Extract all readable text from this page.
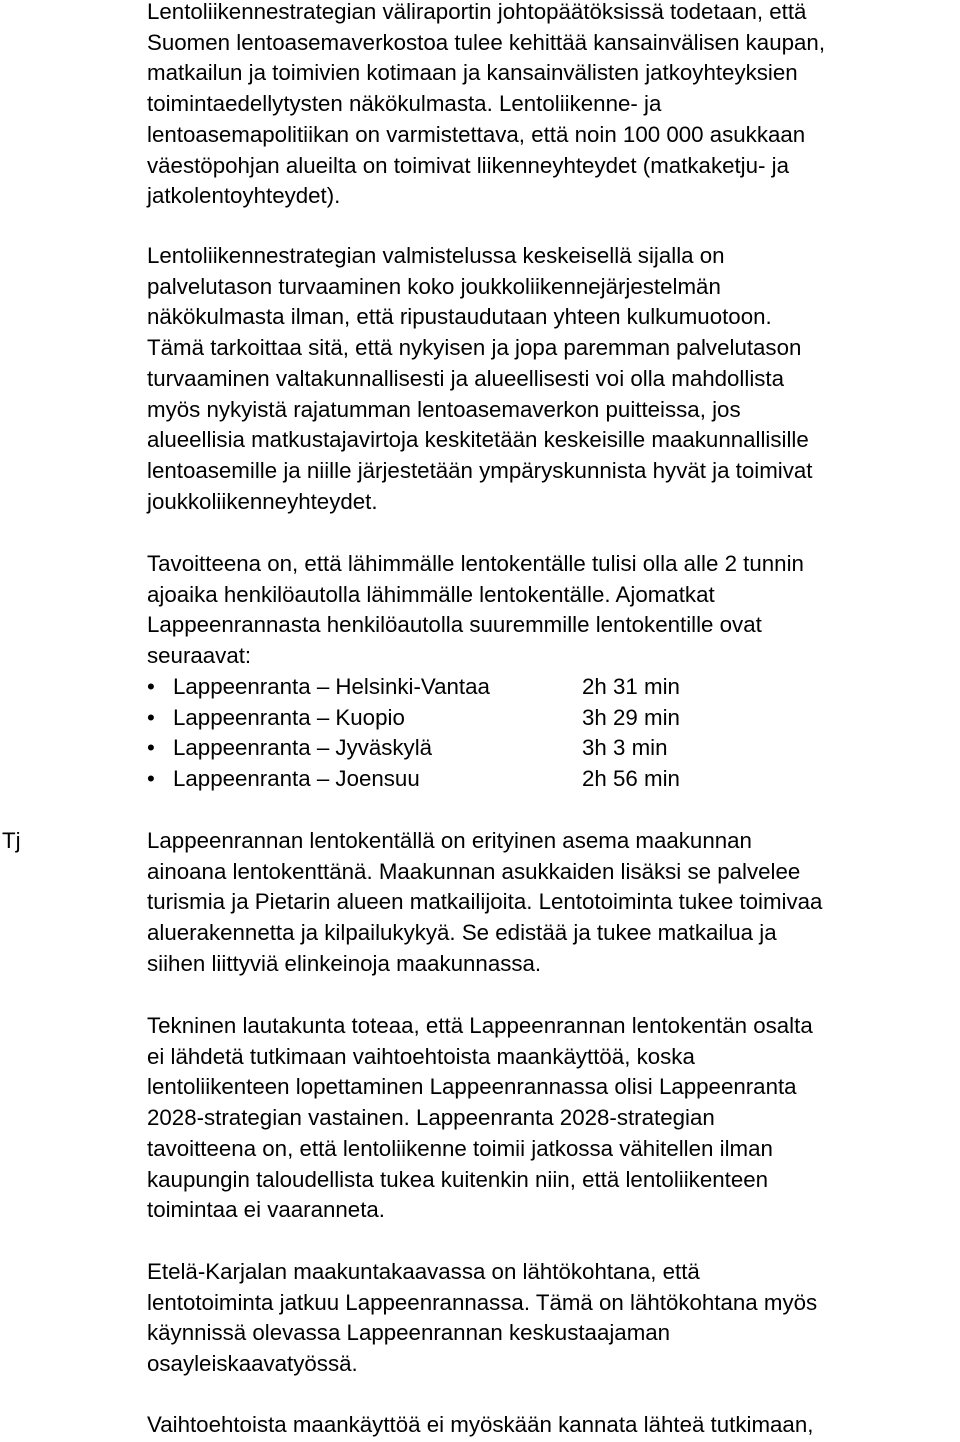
Tj

Lentoliikennestrategian väliraportin johtopäätöksissä todetaan, että
Suomen lentoasemaverkostoa tulee kehittää kansainvälisen kaupan,
matkailun ja toimivien kotimaan ja kansainvälisten jatkoyhteyksien
toimintaedellytysten näkökulmasta. Lentoliikenne- ja
lentoasemapolitiikan on varmistettava, että noin 100 000 asukkaan
väestöpohjan alueilta on toimivat liikenneyhteydet (matkaketju- ja
jatkolentoyhteydet).

Lentoliikennestrategian valmistelussa keskeisellä sijalla on
palvelutason turvaaminen koko joukkoliikennejärjestelmän
näkökulmasta ilman, että ripustaudutaan yhteen kulkumuotoon.
Tämä tarkoittaa sitä, että nykyisen ja jopa paremman palvelutason
turvaaminen valtakunnallisesti ja alueellisesti voi olla mahdollista
myös nykyistä rajatumman lentoasemaverkon puitteissa, jos
alueellisia matkustajavirtoja keskitetään keskeisille maakunnallisille
lentoasemille ja niille järjestetään ympäryskunnista hyvät ja toimivat
joukkoliikenneyhteydet.

Tavoitteena on, että lähimmälle lentokentälle tulisi olla alle 2 tunnin
ajoaika henkilöautolla lähimmälle lentokentälle. Ajomatkat
Lappeenrannasta henkilöautolla suuremmille lentokentille ovat
seuraavat:

• Lappeenranta – Helsinki-Vantaa	2h 31 min
• Lappeenranta – Kuopio	3h 29 min
• Lappeenranta – Jyväskylä	3h 3 min
• Lappeenranta – Joensuu	2h 56 min

Lappeenrannan lentokentällä on erityinen asema maakunnan
ainoana lentokenttänä. Maakunnan asukkaiden lisäksi se palvelee
turismia ja Pietarin alueen matkailijoita. Lentotoiminta tukee toimivaa
aluerakennetta ja kilpailukykyä. Se edistää ja tukee matkailua ja
siihen liittyviä elinkeinoja maakunnassa.

Tekninen lautakunta toteaa, että Lappeenrannan lentokentän osalta
ei lähdetä tutkimaan vaihtoehtoista maankäyttöä, koska
lentoliikenteen lopettaminen Lappeenrannassa olisi Lappeenranta
2028-strategian vastainen. Lappeenranta 2028-strategian
tavoitteena on, että lentoliikenne toimii jatkossa vähitellen ilman
kaupungin taloudellista tukea kuitenkin niin, että lentoliikenteen
toimintaa ei vaaranneta.

Etelä-Karjalan maakuntakaavassa on lähtökohtana, että
lentotoiminta jatkuu Lappeenrannassa. Tämä on lähtökohtana myös
käynnissä olevassa Lappeenrannan keskustaajaman
osayleiskaavatyössä.

Vaihtoehtoista maankäyttöä ei myöskään kannata lähteä tutkimaan,
